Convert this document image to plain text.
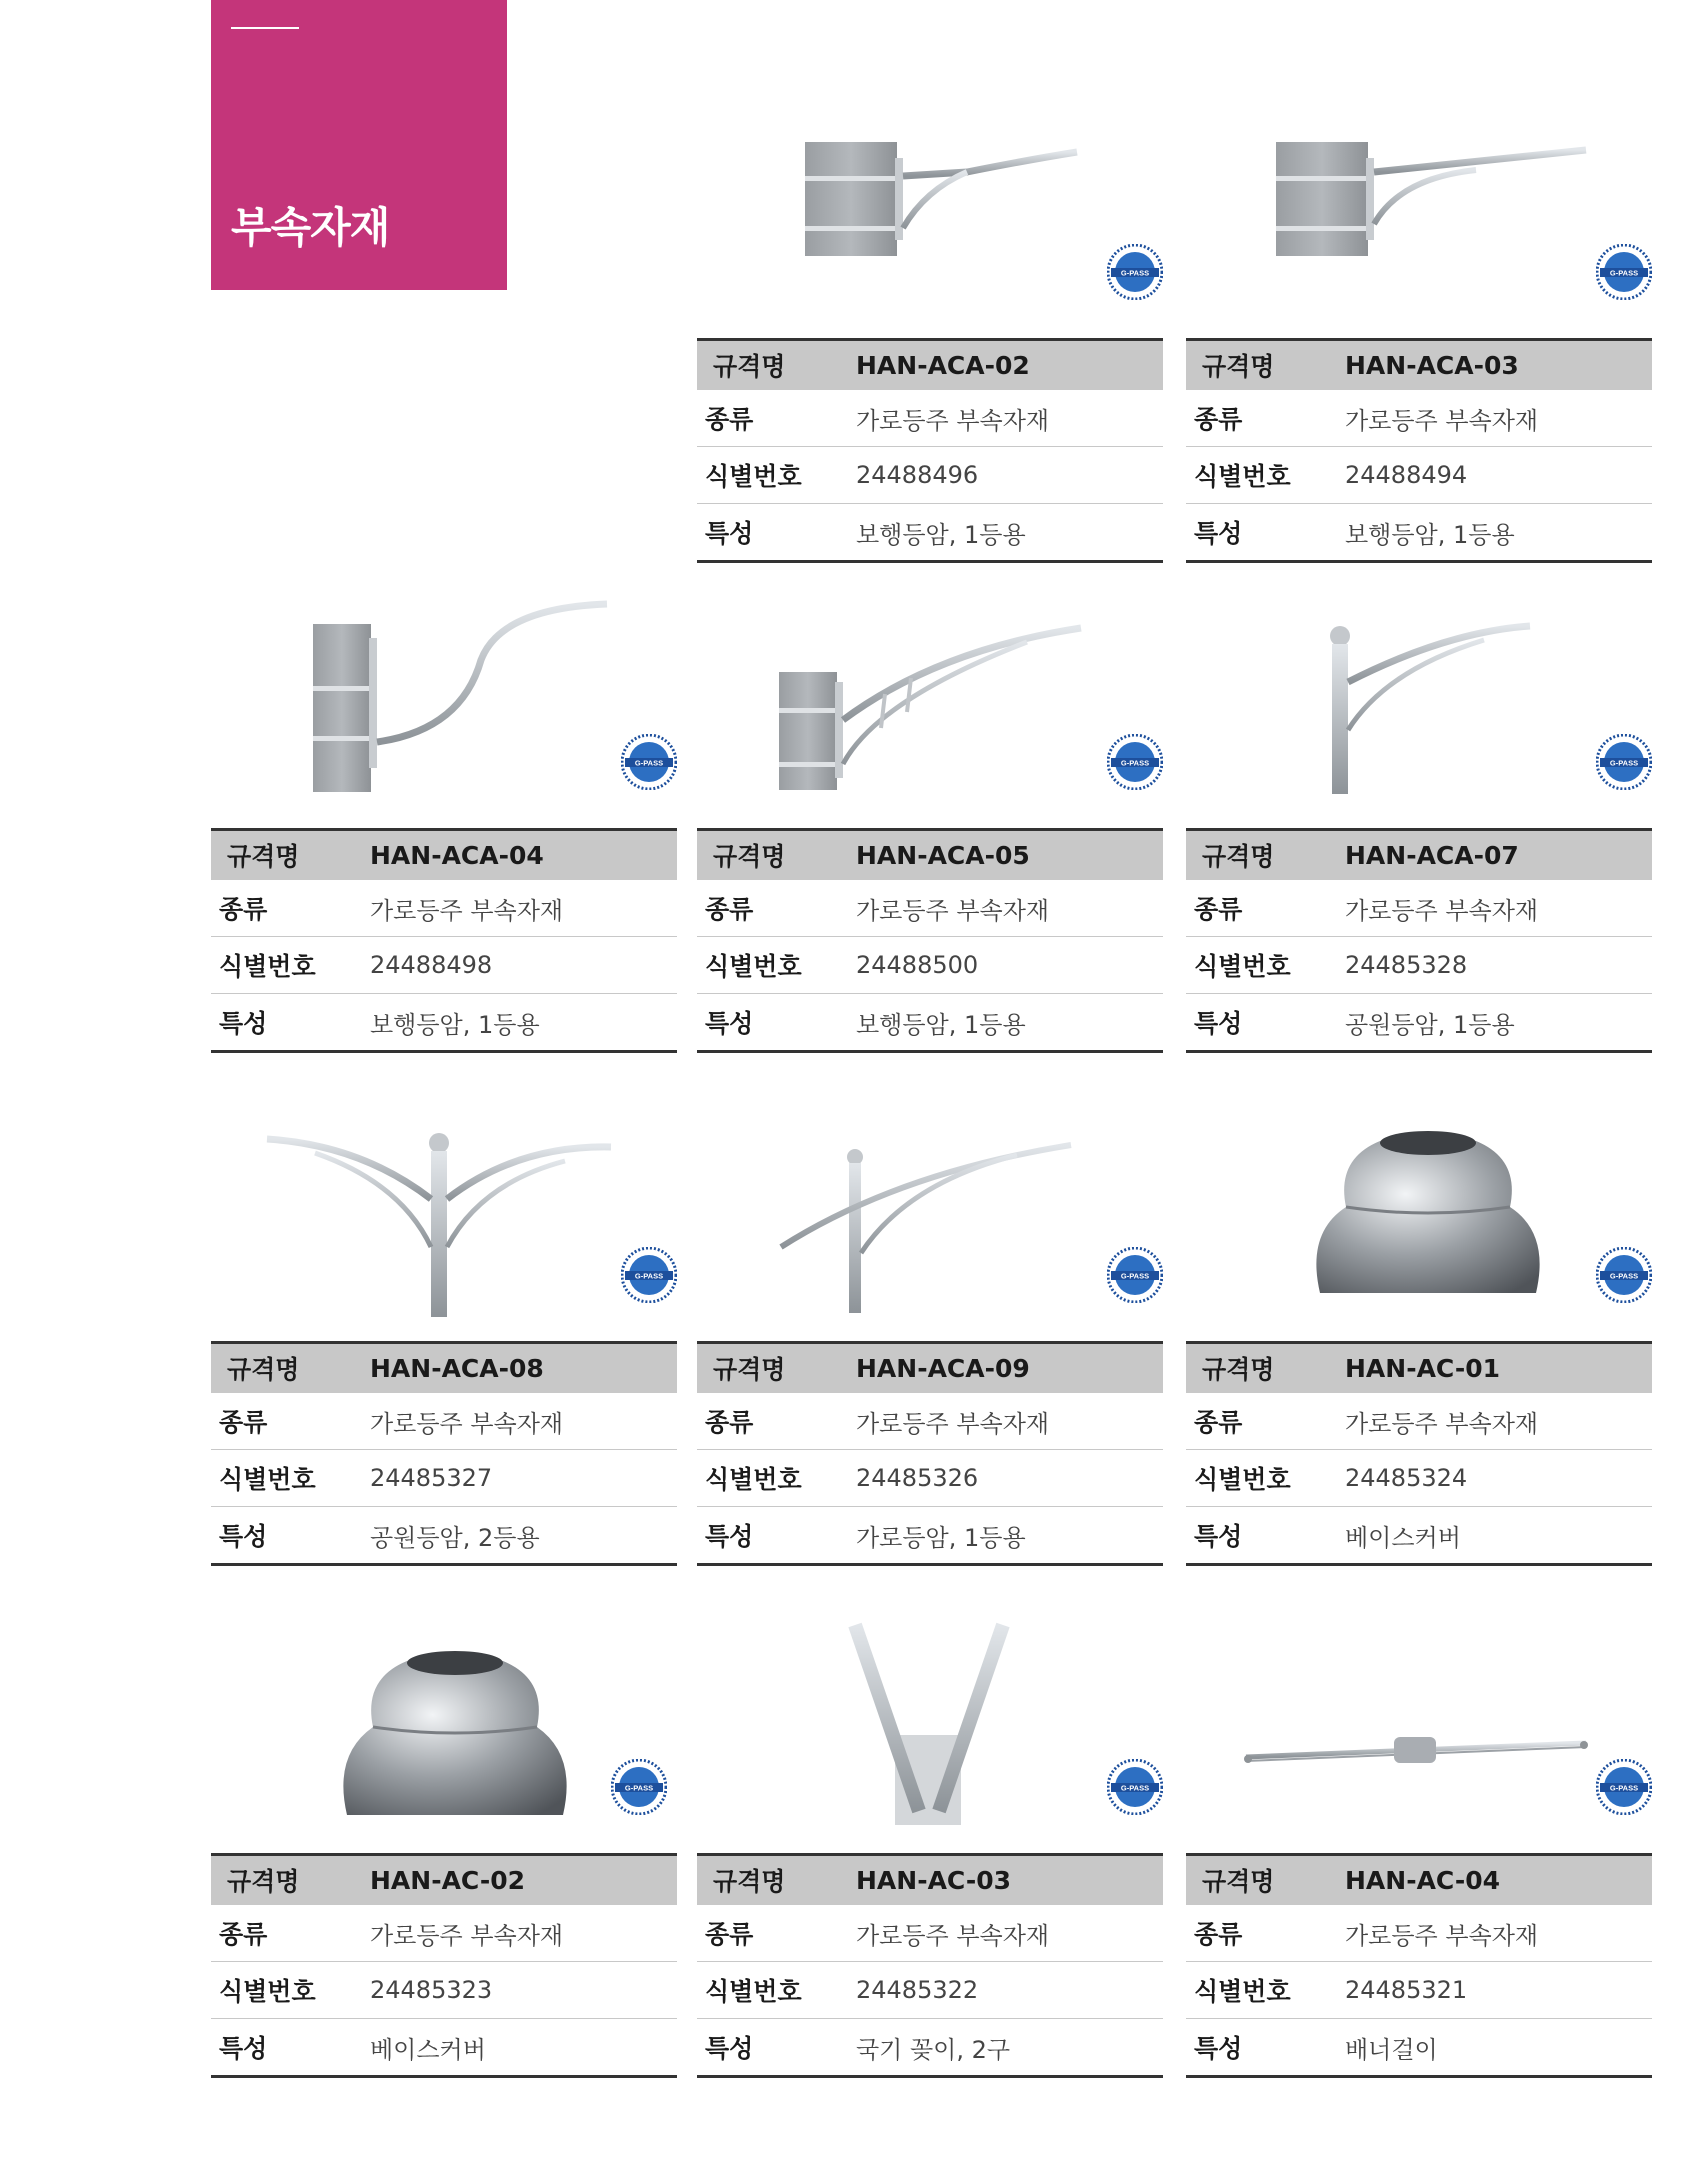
부속자재
G-PASS
규격명	HAN-ACA-02
종류	가로등주 부속자재
식별번호	24488496
특성	보행등암, 1등용
G-PASS
규격명	HAN-ACA-03
종류	가로등주 부속자재
식별번호	24488494
특성	보행등암, 1등용
G-PASS
규격명	HAN-ACA-04
종류	가로등주 부속자재
식별번호	24488498
특성	보행등암, 1등용
G-PASS
규격명	HAN-ACA-05
종류	가로등주 부속자재
식별번호	24488500
특성	보행등암, 1등용
G-PASS
규격명	HAN-ACA-07
종류	가로등주 부속자재
식별번호	24485328
특성	공원등암, 1등용
G-PASS
규격명	HAN-ACA-08
종류	가로등주 부속자재
식별번호	24485327
특성	공원등암, 2등용
G-PASS
규격명	HAN-ACA-09
종류	가로등주 부속자재
식별번호	24485326
특성	가로등암, 1등용
G-PASS
규격명	HAN-AC-01
종류	가로등주 부속자재
식별번호	24485324
특성	베이스커버
G-PASS
규격명	HAN-AC-02
종류	가로등주 부속자재
식별번호	24485323
특성	베이스커버
G-PASS
규격명	HAN-AC-03
종류	가로등주 부속자재
식별번호	24485322
특성	국기 꽂이, 2구
G-PASS
규격명	HAN-AC-04
종류	가로등주 부속자재
식별번호	24485321
특성	배너걸이
